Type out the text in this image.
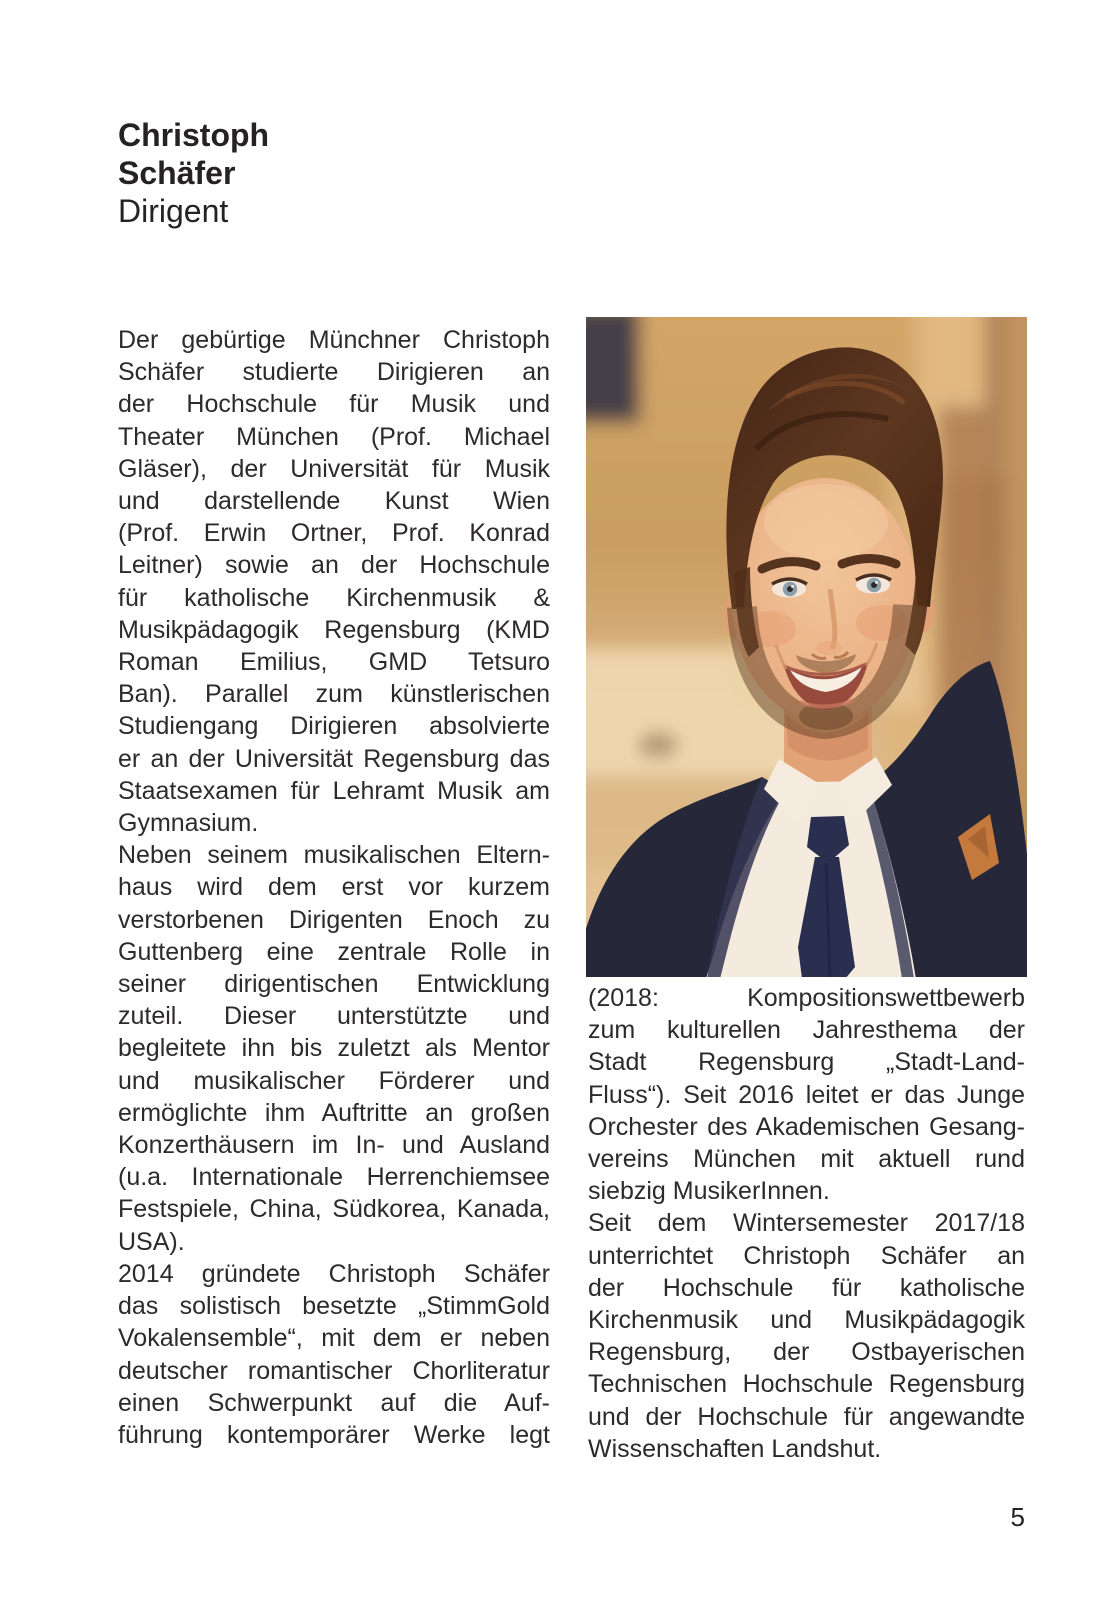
Christoph
Schäfer
Dirigent
Der gebürtige Münchner Christoph
Schäfer studierte Dirigieren an
der Hochschule für Musik und
Theater München (Prof. Michael
Gläser), der Universität für Musik
und darstellende Kunst Wien
(Prof. Erwin Ortner, Prof. Konrad
Leitner) sowie an der Hochschule
für katholische Kirchenmusik &
Musikpädagogik Regensburg (KMD
Roman Emilius, GMD Tetsuro
Ban). Parallel zum künstlerischen
Studiengang Dirigieren absolvierte
er an der Universität Regensburg das
Staatsexamen für Lehramt Musik am
Gymnasium.
Neben seinem musikalischen Eltern-
haus wird dem erst vor kurzem
verstorbenen Dirigenten Enoch zu
Guttenberg eine zentrale Rolle in
seiner dirigentischen Entwicklung
zuteil. Dieser unterstützte und
begleitete ihn bis zuletzt als Mentor
und musikalischer Förderer und
ermöglichte ihm Auftritte an großen
Konzerthäusern im In- und Ausland
(u.a. Internationale Herrenchiemsee
Festspiele, China, Südkorea, Kanada,
USA).
2014 gründete Christoph Schäfer
das solistisch besetzte „StimmGold
Vokalensemble“, mit dem er neben
deutscher romantischer Chorliteratur
einen Schwerpunkt auf die Auf-
führung kontemporärer Werke legt
(2018: Kompositionswettbewerb
zum kulturellen Jahresthema der
Stadt Regensburg „Stadt-Land-
Fluss“). Seit 2016 leitet er das Junge
Orchester des Akademischen Gesang-
vereins München mit aktuell rund
siebzig MusikerInnen.
Seit dem Wintersemester 2017/18
unterrichtet Christoph Schäfer an
der Hochschule für katholische
Kirchenmusik und Musikpädagogik
Regensburg, der Ostbayerischen
Technischen Hochschule Regensburg
und der Hochschule für angewandte
Wissenschaften Landshut.
5
